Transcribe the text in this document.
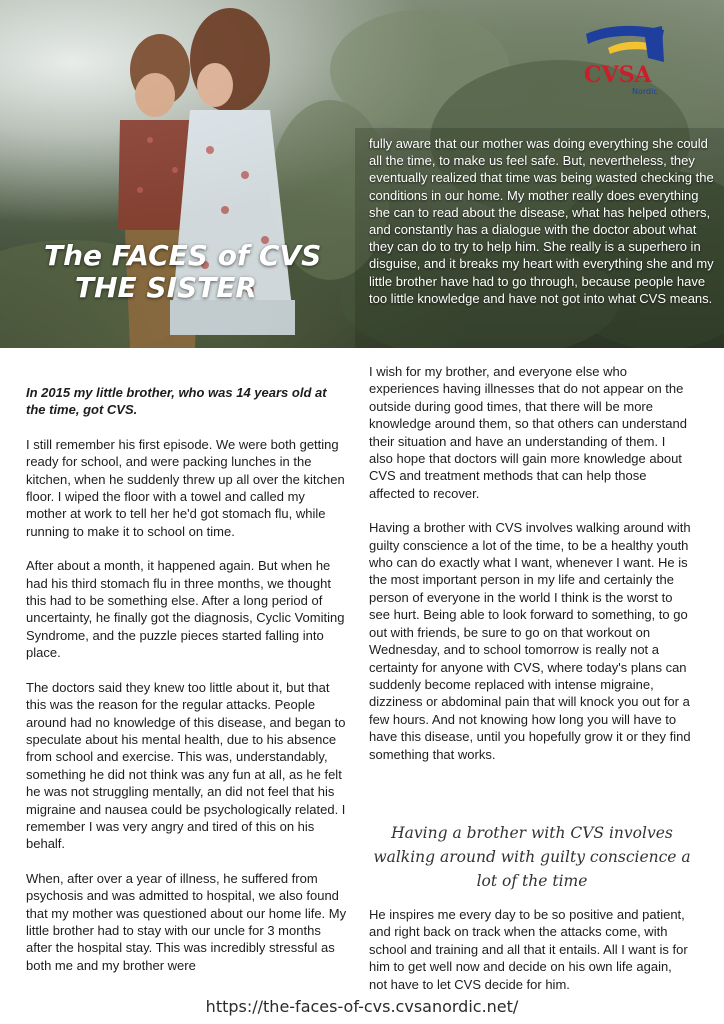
CVSA
Nordic
The FACES of CVS
THE SISTER
fully aware that our mother was doing everything she could all the time, to make us feel safe. But, nevertheless, they eventually realized that time was being wasted checking the conditions in our home. My mother really does everything she can to read about the disease, what has helped others, and constantly has a dialogue with the doctor about what they can do to try to help him. She really is a superhero in disguise, and it breaks my heart with everything she and my little brother have had to go through, because people have too little knowledge and have not got into what CVS means.

In 2015 my little brother, who was 14 years old at the time, got CVS.

I still remember his first episode. We were both getting ready for school, and were packing lunches in the kitchen, when he suddenly threw up all over the kitchen floor. I wiped the floor with a towel and called my mother at work to tell her he'd got stomach flu, while running to make it to school on time.

After about a month, it happened again. But when he had his third stomach flu in three months, we thought this had to be something else. After a long period of uncertainty, he finally got the diagnosis, Cyclic Vomiting Syndrome, and the puzzle pieces started falling into place.

The doctors said they knew too little about it, but that this was the reason for the regular attacks. People around had no knowledge of this disease, and began to speculate about his mental health, due to his absence from school and exercise. This was, understandably, something he did not think was any fun at all, as he felt he was not struggling mentally, an did not feel that his migraine and nausea could be psychologically related. I remember I was very angry and tired of this on his behalf.

When, after over a year of illness, he suffered from psychosis and was admitted to hospital, we also found that my mother was questioned about our home life. My little brother had to stay with our uncle for 3 months after the hospital stay. This was incredibly stressful as both me and my brother were

I wish for my brother, and everyone else who experiences having illnesses that do not appear on the outside during good times, that there will be more knowledge around them, so that others can understand their situation and have an understanding of them. I also hope that doctors will gain more knowledge about CVS and treatment methods that can help those affected to recover.

Having a brother with CVS involves walking around with guilty conscience a lot of the time, to be a healthy youth who can do exactly what I want, whenever I want. He is the most important person in my life and certainly the person of everyone in the world I think is the worst to see hurt. Being able to look forward to something, to go out with friends, be sure to go on that workout on Wednesday, and to school tomorrow is really not a certainty for anyone with CVS, where today's plans can suddenly become replaced with intense migraine, dizziness or abdominal pain that will knock you out for a few hours. And not knowing how long you will have to have this disease, until you hopefully grow it or they find something that works.

Having a brother with CVS involves walking around with guilty conscience a lot of the time
He inspires me every day to be so positive and patient, and right back on track when the attacks come, with school and training and all that it entails. All I want is for him to get well now and decide on his own life again, not have to let CVS decide for him.
https://the-faces-of-cvs.cvsanordic.net/
